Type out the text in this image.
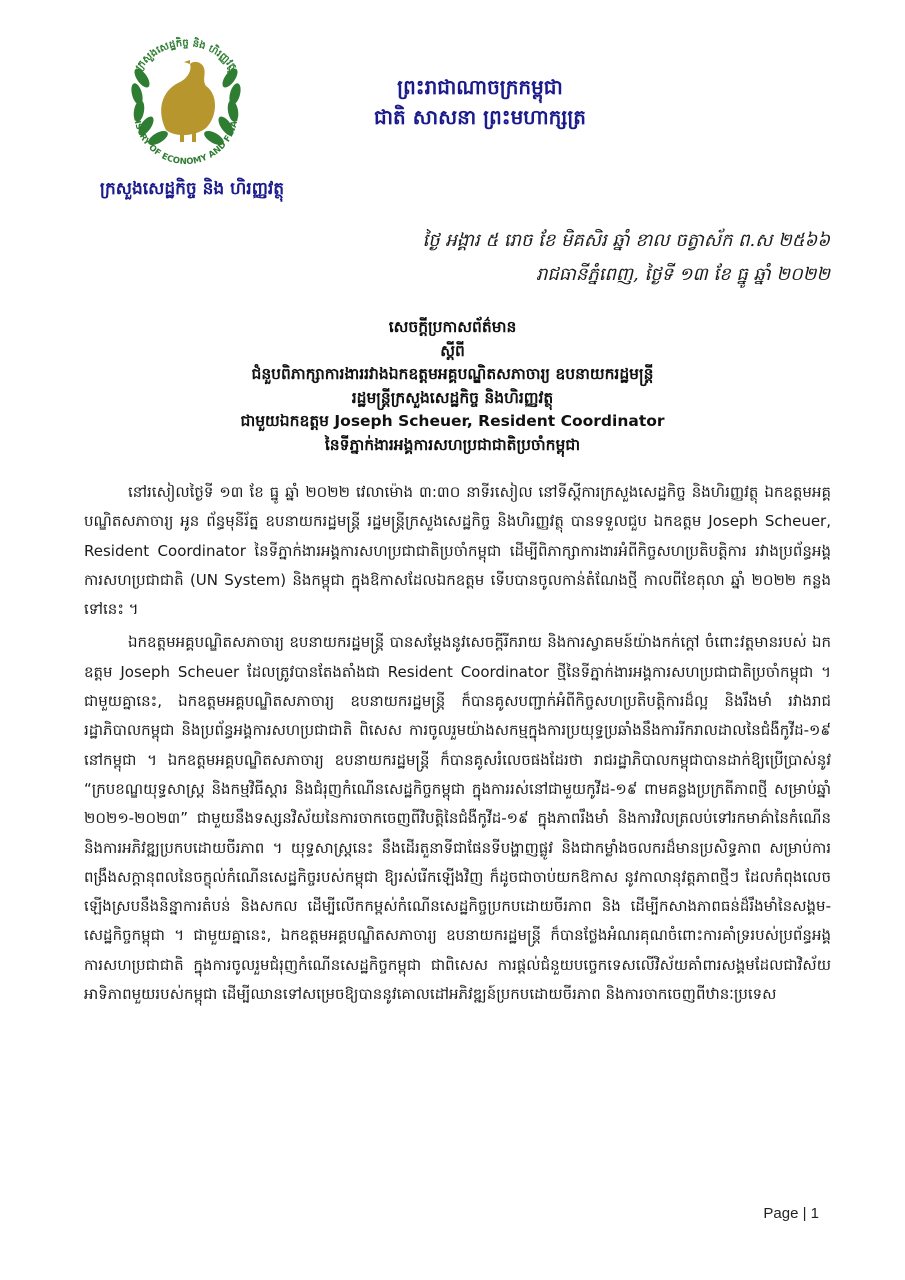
ក្រសួងសេដ្ឋកិច្ច និង ហិរញ្ញវត្ថុ
INISTRY OF ECONOMY AND FINAN
ក្រសួងសេដ្ឋកិច្ច និង ហិរញ្ញវត្ថុ
ព្រះរាជាណាចក្រកម្ពុជា
ជាតិ សាសនា ព្រះមហាក្សត្រ
ថ្ងៃ អង្គារ ៥ រោច ខែ មិគសិរ ឆ្នាំ ខាល ចត្វាស័ក ព.ស ២៥៦៦
រាជធានីភ្នំពេញ, ថ្ងៃទី ១៣ ខែ ធ្នូ ឆ្នាំ ២០២២
សេចក្ដីប្រកាសព័ត៌មាន
ស្ដីពី
ជំនួបពិភាក្សាការងាររវាងឯកឧត្តមអគ្គបណ្ឌិតសភាចារ្យ ឧបនាយករដ្ឋមន្ត្រី
រដ្ឋមន្ត្រីក្រសួងសេដ្ឋកិច្ច និងហិរញ្ញវត្ថុ
ជាមួយឯកឧត្តម Joseph Scheuer, Resident Coordinator
នៃទីភ្នាក់ងារអង្គការសហប្រជាជាតិប្រចាំកម្ពុជា

នៅរសៀលថ្ងៃទី ១៣ ខែ ធ្នូ ឆ្នាំ ២០២២ វេលាម៉ោង ៣:៣០ នាទីរសៀល នៅទីស្ដីការក្រសួងសេដ្ឋកិច្ច និងហិរញ្ញវត្ថុ ឯកឧត្តមអគ្គបណ្ឌិតសភាចារ្យ អូន ព័ន្ធមុនីរ័ត្ន ឧបនាយករដ្ឋមន្ត្រី រដ្ឋមន្ត្រីក្រសួងសេដ្ឋកិច្ច និងហិរញ្ញវត្ថុ បានទទួលជួប ឯកឧត្តម Joseph Scheuer, Resident Coordinator នៃទីភ្នាក់ងារអង្គការសហប្រជាជាតិប្រចាំកម្ពុជា ដើម្បីពិភាក្សាការងារអំពីកិច្ចសហប្រតិបត្តិការ រវាងប្រព័ន្ធអង្គការសហប្រជាជាតិ (UN System) និងកម្ពុជា ក្នុងឱកាសដែលឯកឧត្តម ទើបបានចូលកាន់តំណែងថ្មី កាលពីខែតុលា ឆ្នាំ ២០២២ កន្លងទៅនេះ ។

ឯកឧត្តមអគ្គបណ្ឌិតសភាចារ្យ ឧបនាយករដ្ឋមន្ត្រី បានសម្ដែងនូវសេចក្ដីរីករាយ និងការស្វាគមន៍យ៉ាងកក់ក្ដៅ ចំពោះវត្តមានរបស់ ឯកឧត្តម Joseph Scheuer ដែលត្រូវបានតែងតាំងជា Resident Coordinator ថ្មីនៃទីភ្នាក់ងារអង្គការសហប្រជាជាតិប្រចាំកម្ពុជា ។ ជាមួយគ្នានេះ, ឯកឧត្តមអគ្គបណ្ឌិតសភាចារ្យ ឧបនាយករដ្ឋមន្ត្រី ក៏បានគូសបញ្ជាក់អំពីកិច្ចសហប្រតិបត្តិការដ៏ល្អ និងរឹងមាំ រវាងរាជរដ្ឋាភិបាលកម្ពុជា និងប្រព័ន្ធអង្គការសហប្រជាជាតិ ពិសេស ការចូលរួមយ៉ាងសកម្មក្នុងការប្រយុទ្ធប្រឆាំងនឹងការរីករាលដាលនៃជំងឺកូវីដ-១៩ នៅកម្ពុជា ។ ឯកឧត្តមអគ្គបណ្ឌិតសភាចារ្យ ឧបនាយករដ្ឋមន្ត្រី ក៏បានគូសរំលេចផងដែរថា រាជរដ្ឋាភិបាលកម្ពុជាបានដាក់ឱ្យប្រើប្រាស់នូវ “ក្របខណ្ឌយុទ្ធសាស្ត្រ និងកម្មវិធីស្ដារ និងជំរុញកំណើនសេដ្ឋកិច្ចកម្ពុជា ក្នុងការរស់នៅជាមួយកូវីដ-១៩ ពាមគន្លងប្រក្រតីភាពថ្មី សម្រាប់ឆ្នាំ ២០២១-២០២៣” ជាមួយនឹងទស្សនវិស័យនៃការចាកចេញពីវិបត្តិនៃជំងឺកូវីដ-១៩ ក្នុងភាពរឹងមាំ និងការវិលត្រលប់ទៅរកមាគ៌ានៃកំណើន និងការអភិវឌ្ឍប្រកបដោយចីរភាព ។ យុទ្ធសាស្ត្រនេះ នឹងដើរតួនាទីជាផែនទីបង្ហាញផ្លូវ និងជាកម្លាំងចលករដ៏មានប្រសិទ្ធភាព សម្រាប់ការពង្រឹងសក្ដានុពលនៃចក្ខុល់កំណើនសេដ្ឋកិច្ចរបស់កម្ពុជា ឱ្យរស់រើកឡើងវិញ ក៏ដូចជាចាប់យកឱកាស នូវកាលានុវត្តភាពថ្មីៗ ដែលកំពុងលេចឡើងស្របនឹងនិន្នាការតំបន់ និងសកល ដើម្បីលើកកម្ពស់កំណើនសេដ្ឋកិច្ចប្រកបដោយចីរភាព និង ដើម្បីកសាងភាពធន់ដ៏រឹងមាំនៃសង្គម-សេដ្ឋកិច្ចកម្ពុជា ។ ជាមួយគ្នានេះ, ឯកឧត្តមអគ្គបណ្ឌិតសភាចារ្យ ឧបនាយករដ្ឋមន្ត្រី ក៏បានថ្លែងអំណរគុណចំពោះការគាំទ្ររបស់ប្រព័ន្ធអង្គការសហប្រជាជាតិ ក្នុងការចូលរួមជំរុញកំណើនសេដ្ឋកិច្ចកម្ពុជា ជាពិសេស ការផ្ដល់ជំនួយបច្ចេកទេសលើវិស័យគាំពារសង្គមដែលជាវិស័យអាទិភាពមួយរបស់កម្ពុជា ដើម្បីឈានទៅសម្រេចឱ្យបាននូវគោលដៅអភិវឌ្ឍន៍ប្រកបដោយចីរភាព និងការចាកចេញពីឋានៈប្រទេស

Page | 1
